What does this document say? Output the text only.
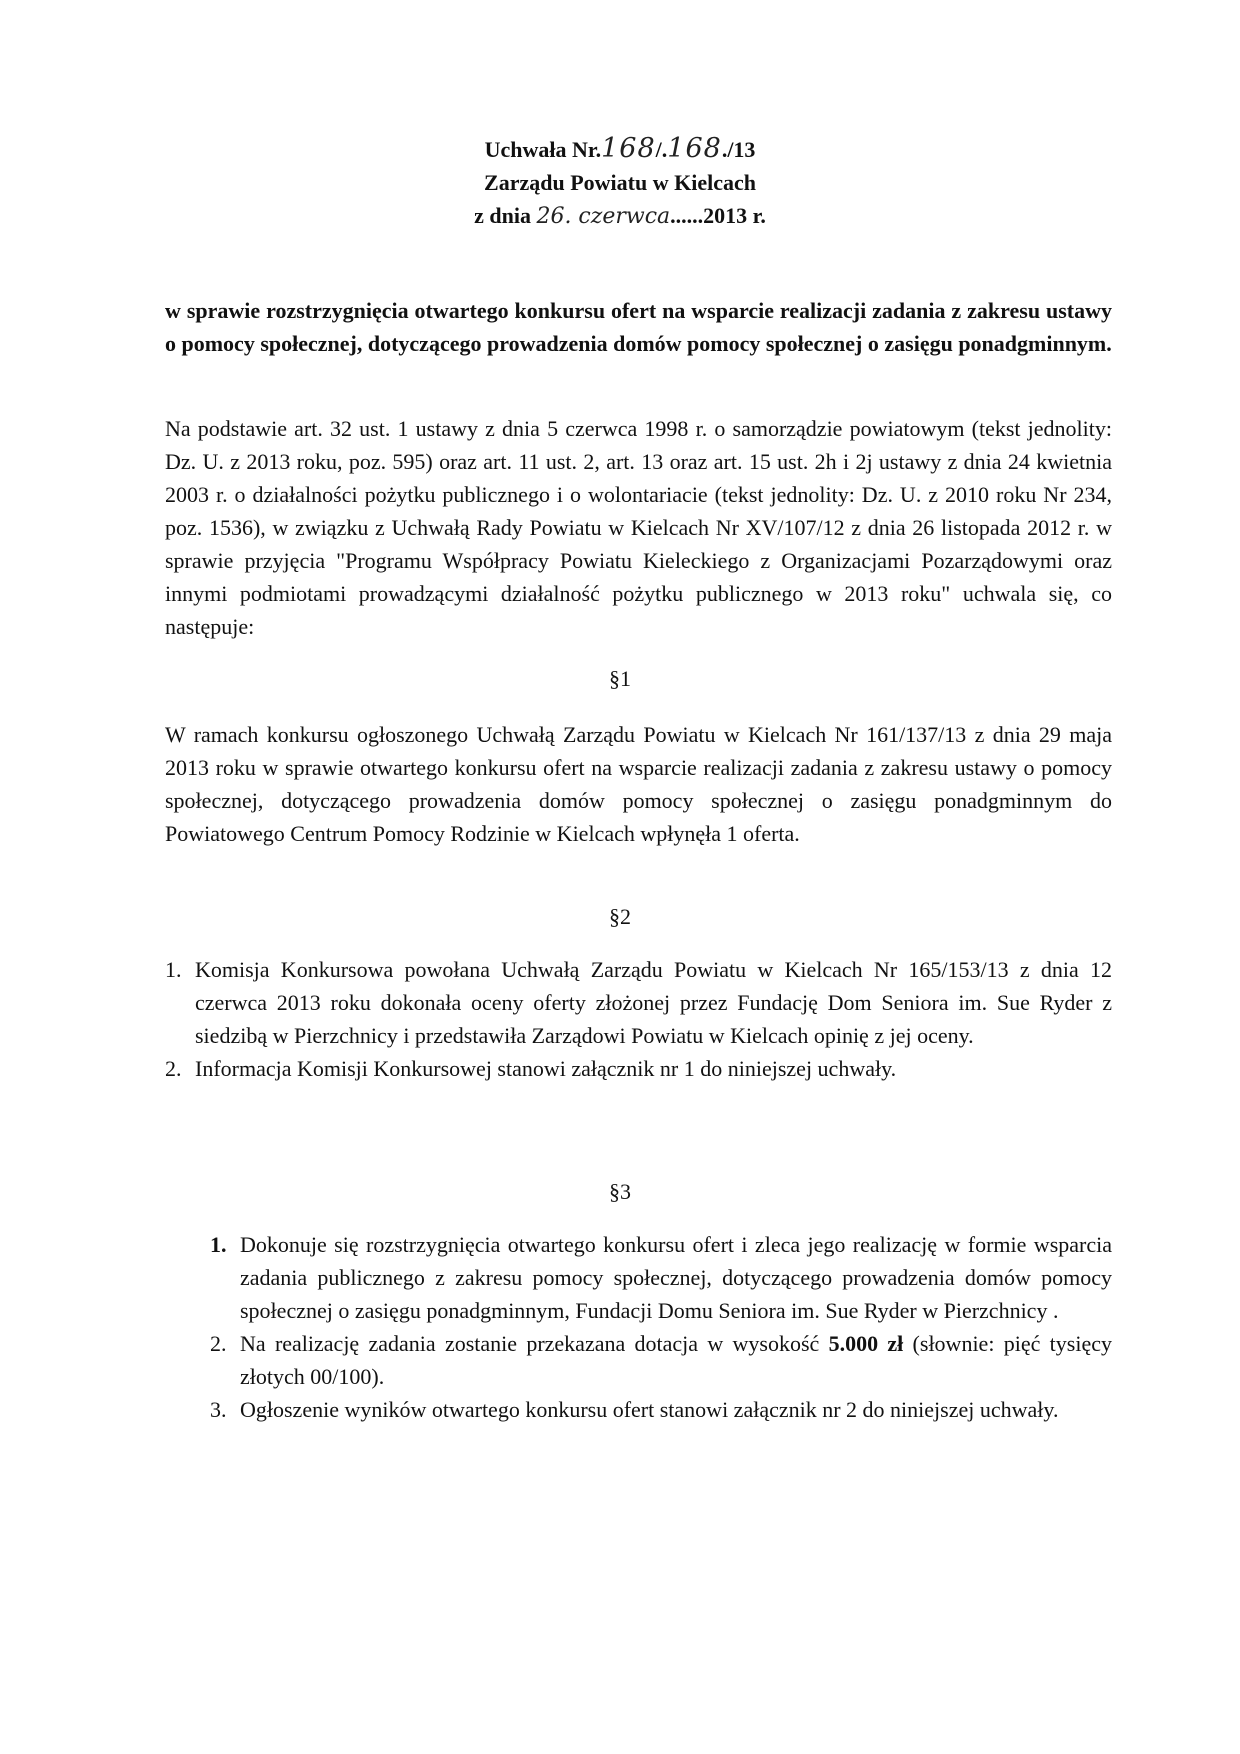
Uchwała Nr.168/.168./13
Zarządu Powiatu w Kielcach
z dnia 26. czerwca......2013 r.

w sprawie rozstrzygnięcia otwartego konkursu ofert na wsparcie realizacji zadania z zakresu ustawy o pomocy społecznej, dotyczącego prowadzenia domów pomocy społecznej o zasięgu ponadgminnym.

Na podstawie art. 32 ust. 1 ustawy z dnia 5 czerwca 1998 r. o samorządzie powiatowym (tekst jednolity: Dz. U. z 2013 roku, poz. 595) oraz art. 11 ust. 2, art. 13 oraz art. 15 ust. 2h i 2j ustawy z dnia 24 kwietnia 2003 r. o działalności pożytku publicznego i o wolontariacie (tekst jednolity: Dz. U. z 2010 roku Nr 234, poz. 1536), w związku z Uchwałą Rady Powiatu w Kielcach Nr XV/107/12 z dnia 26 listopada 2012 r. w sprawie przyjęcia "Programu Współpracy Powiatu Kieleckiego z Organizacjami Pozarządowymi oraz innymi podmiotami prowadzącymi działalność pożytku publicznego w 2013 roku" uchwala się, co następuje:

§1

W ramach konkursu ogłoszonego Uchwałą Zarządu Powiatu w Kielcach Nr 161/137/13 z dnia 29 maja 2013 roku w sprawie otwartego konkursu ofert na wsparcie realizacji zadania z zakresu ustawy o pomocy społecznej, dotyczącego prowadzenia domów pomocy społecznej o zasięgu ponadgminnym do Powiatowego Centrum Pomocy Rodzinie w Kielcach wpłynęła 1 oferta.

§2
1. Komisja Konkursowa powołana Uchwałą Zarządu Powiatu w Kielcach Nr 165/153/13 z dnia 12 czerwca 2013 roku dokonała oceny oferty złożonej przez Fundację Dom Seniora im. Sue Ryder z siedzibą w Pierzchnicy i przedstawiła Zarządowi Powiatu w Kielcach opinię z jej oceny.
2. Informacja Komisji Konkursowej stanowi załącznik nr 1 do niniejszej uchwały.
§3
1. Dokonuje się rozstrzygnięcia otwartego konkursu ofert i zleca jego realizację w formie wsparcia zadania publicznego z zakresu pomocy społecznej, dotyczącego prowadzenia domów pomocy społecznej o zasięgu ponadgminnym, Fundacji Domu Seniora im. Sue Ryder w Pierzchnicy .
2. Na realizację zadania zostanie przekazana dotacja w wysokość 5.000 zł (słownie: pięć tysięcy złotych 00/100).
3. Ogłoszenie wyników otwartego konkursu ofert stanowi załącznik nr 2 do niniejszej uchwały.
